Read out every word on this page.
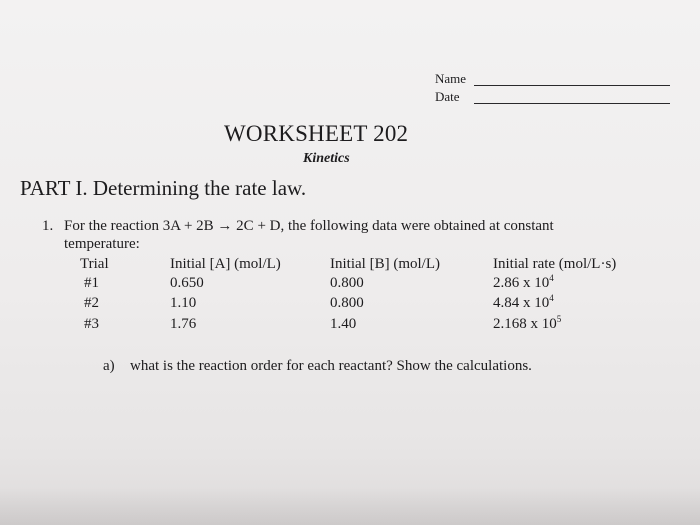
Name
Date
WORKSHEET 202
Kinetics
PART I. Determining the rate law.
1. For the reaction 3A + 2B → 2C + D, the following data were obtained at constant
temperature:
Trial	Initial [A] (mol/L)	Initial [B] (mol/L)	Initial rate (mol/L·s)
#1	0.650	0.800	2.86 x $10^4$
#2	1.10	0.800	4.84 x $10^4$
#3	1.76	1.40	2.168 x $10^5$
a) what is the reaction order for each reactant? Show the calculations.
